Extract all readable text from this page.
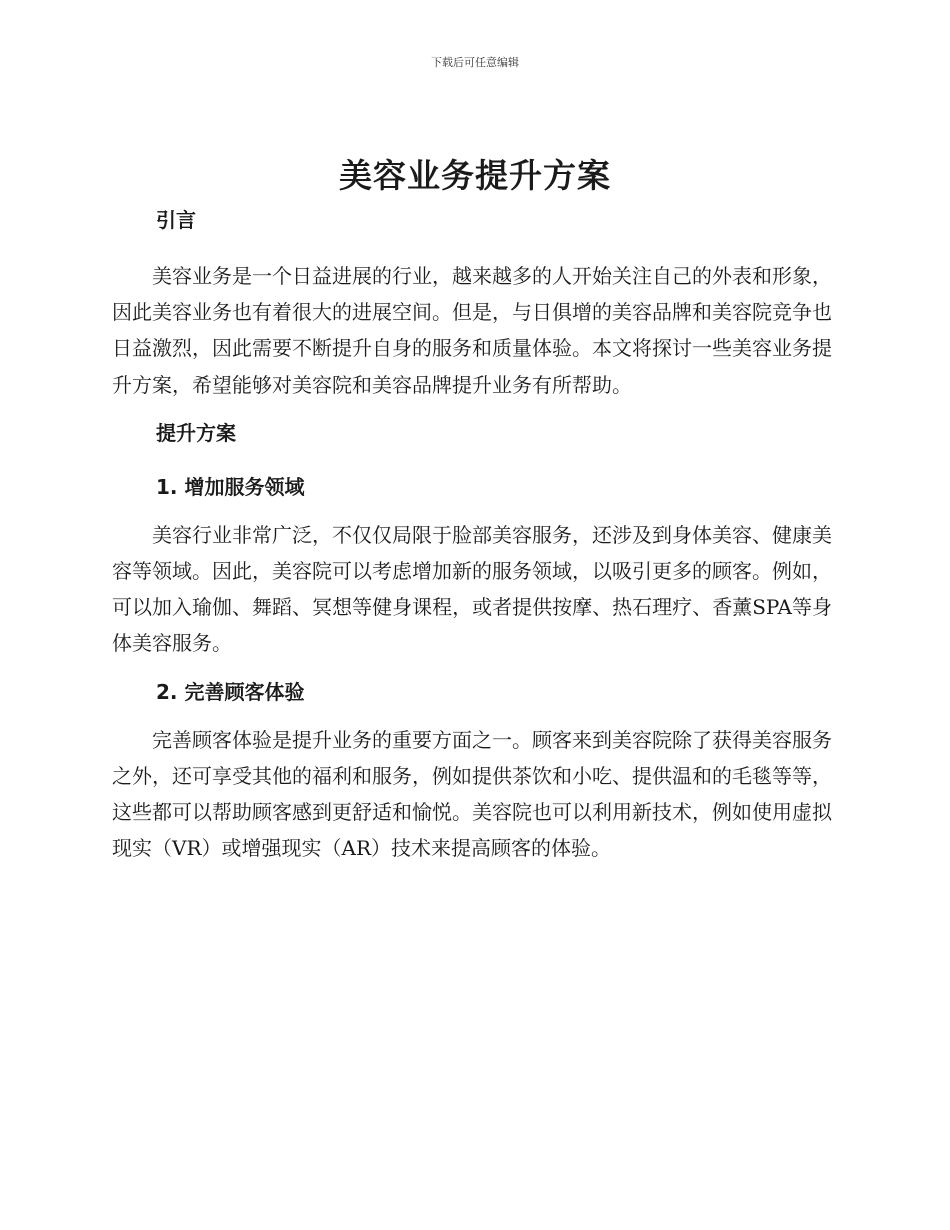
下载后可任意编辑
美容业务提升方案
引言

美容业务是一个日益进展的行业，越来越多的人开始关注自己的外表和形象，因此美容业务也有着很大的进展空间。但是，与日俱增的美容品牌和美容院竞争也日益激烈，因此需要不断提升自身的服务和质量体验。本文将探讨一些美容业务提升方案，希望能够对美容院和美容品牌提升业务有所帮助。

提升方案
1. 增加服务领域

美容行业非常广泛，不仅仅局限于脸部美容服务，还涉及到身体美容、健康美容等领域。因此，美容院可以考虑增加新的服务领域，以吸引更多的顾客。例如，可以加入瑜伽、舞蹈、冥想等健身课程，或者提供按摩、热石理疗、香薰SPA等身体美容服务。

2. 完善顾客体验

完善顾客体验是提升业务的重要方面之一。顾客来到美容院除了获得美容服务之外，还可享受其他的福利和服务，例如提供茶饮和小吃、提供温和的毛毯等等，这些都可以帮助顾客感到更舒适和愉悦。美容院也可以利用新技术，例如使用虚拟现实（VR）或增强现实（AR）技术来提高顾客的体验。
